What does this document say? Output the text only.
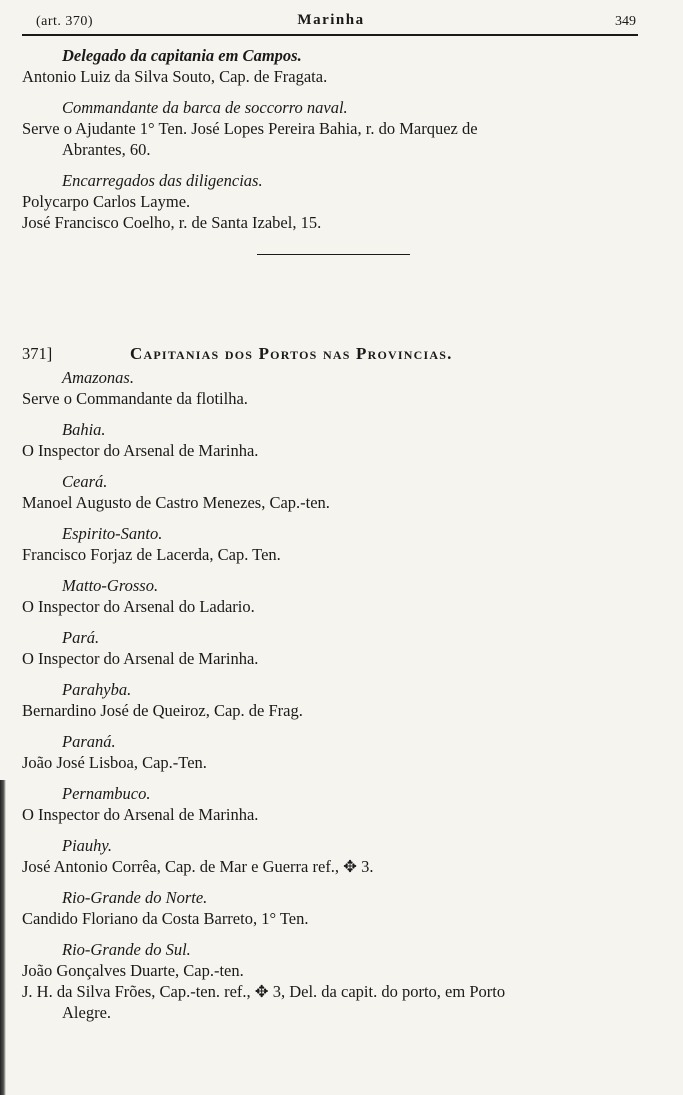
(art. 370)	Marinha	349

Delegado da capitania em Campos.

Antonio Luiz da Silva Souto, Cap. de Fragata.

Commandante da barca de soccorro naval.

Serve o Ajudante 1° Ten. José Lopes Pereira Bahia, r. do Marquez de

Abrantes, 60.

Encarregados das diligencias.

Polycarpo Carlos Layme.

José Francisco Coelho, r. de Santa Izabel, 15.

371]	Capitanias dos Portos nas Provincias.

Amazonas.

Serve o Commandante da flotilha.

Bahia.

O Inspector do Arsenal de Marinha.

Ceará.

Manoel Augusto de Castro Menezes, Cap.-ten.

Espirito-Santo.

Francisco Forjaz de Lacerda, Cap. Ten.

Matto-Grosso.

O Inspector do Arsenal do Ladario.

Pará.

O Inspector do Arsenal de Marinha.

Parahyba.

Bernardino José de Queiroz, Cap. de Frag.

Paraná.

João José Lisboa, Cap.-Ten.

Pernambuco.

O Inspector do Arsenal de Marinha.

Piauhy.

José Antonio Corrêa, Cap. de Mar e Guerra ref., ✥ 3.

Rio-Grande do Norte.

Candido Floriano da Costa Barreto, 1° Ten.

Rio-Grande do Sul.

João Gonçalves Duarte, Cap.-ten.

J. H. da Silva Frões, Cap.-ten. ref., ✥ 3, Del. da capit. do porto, em Porto

Alegre.
